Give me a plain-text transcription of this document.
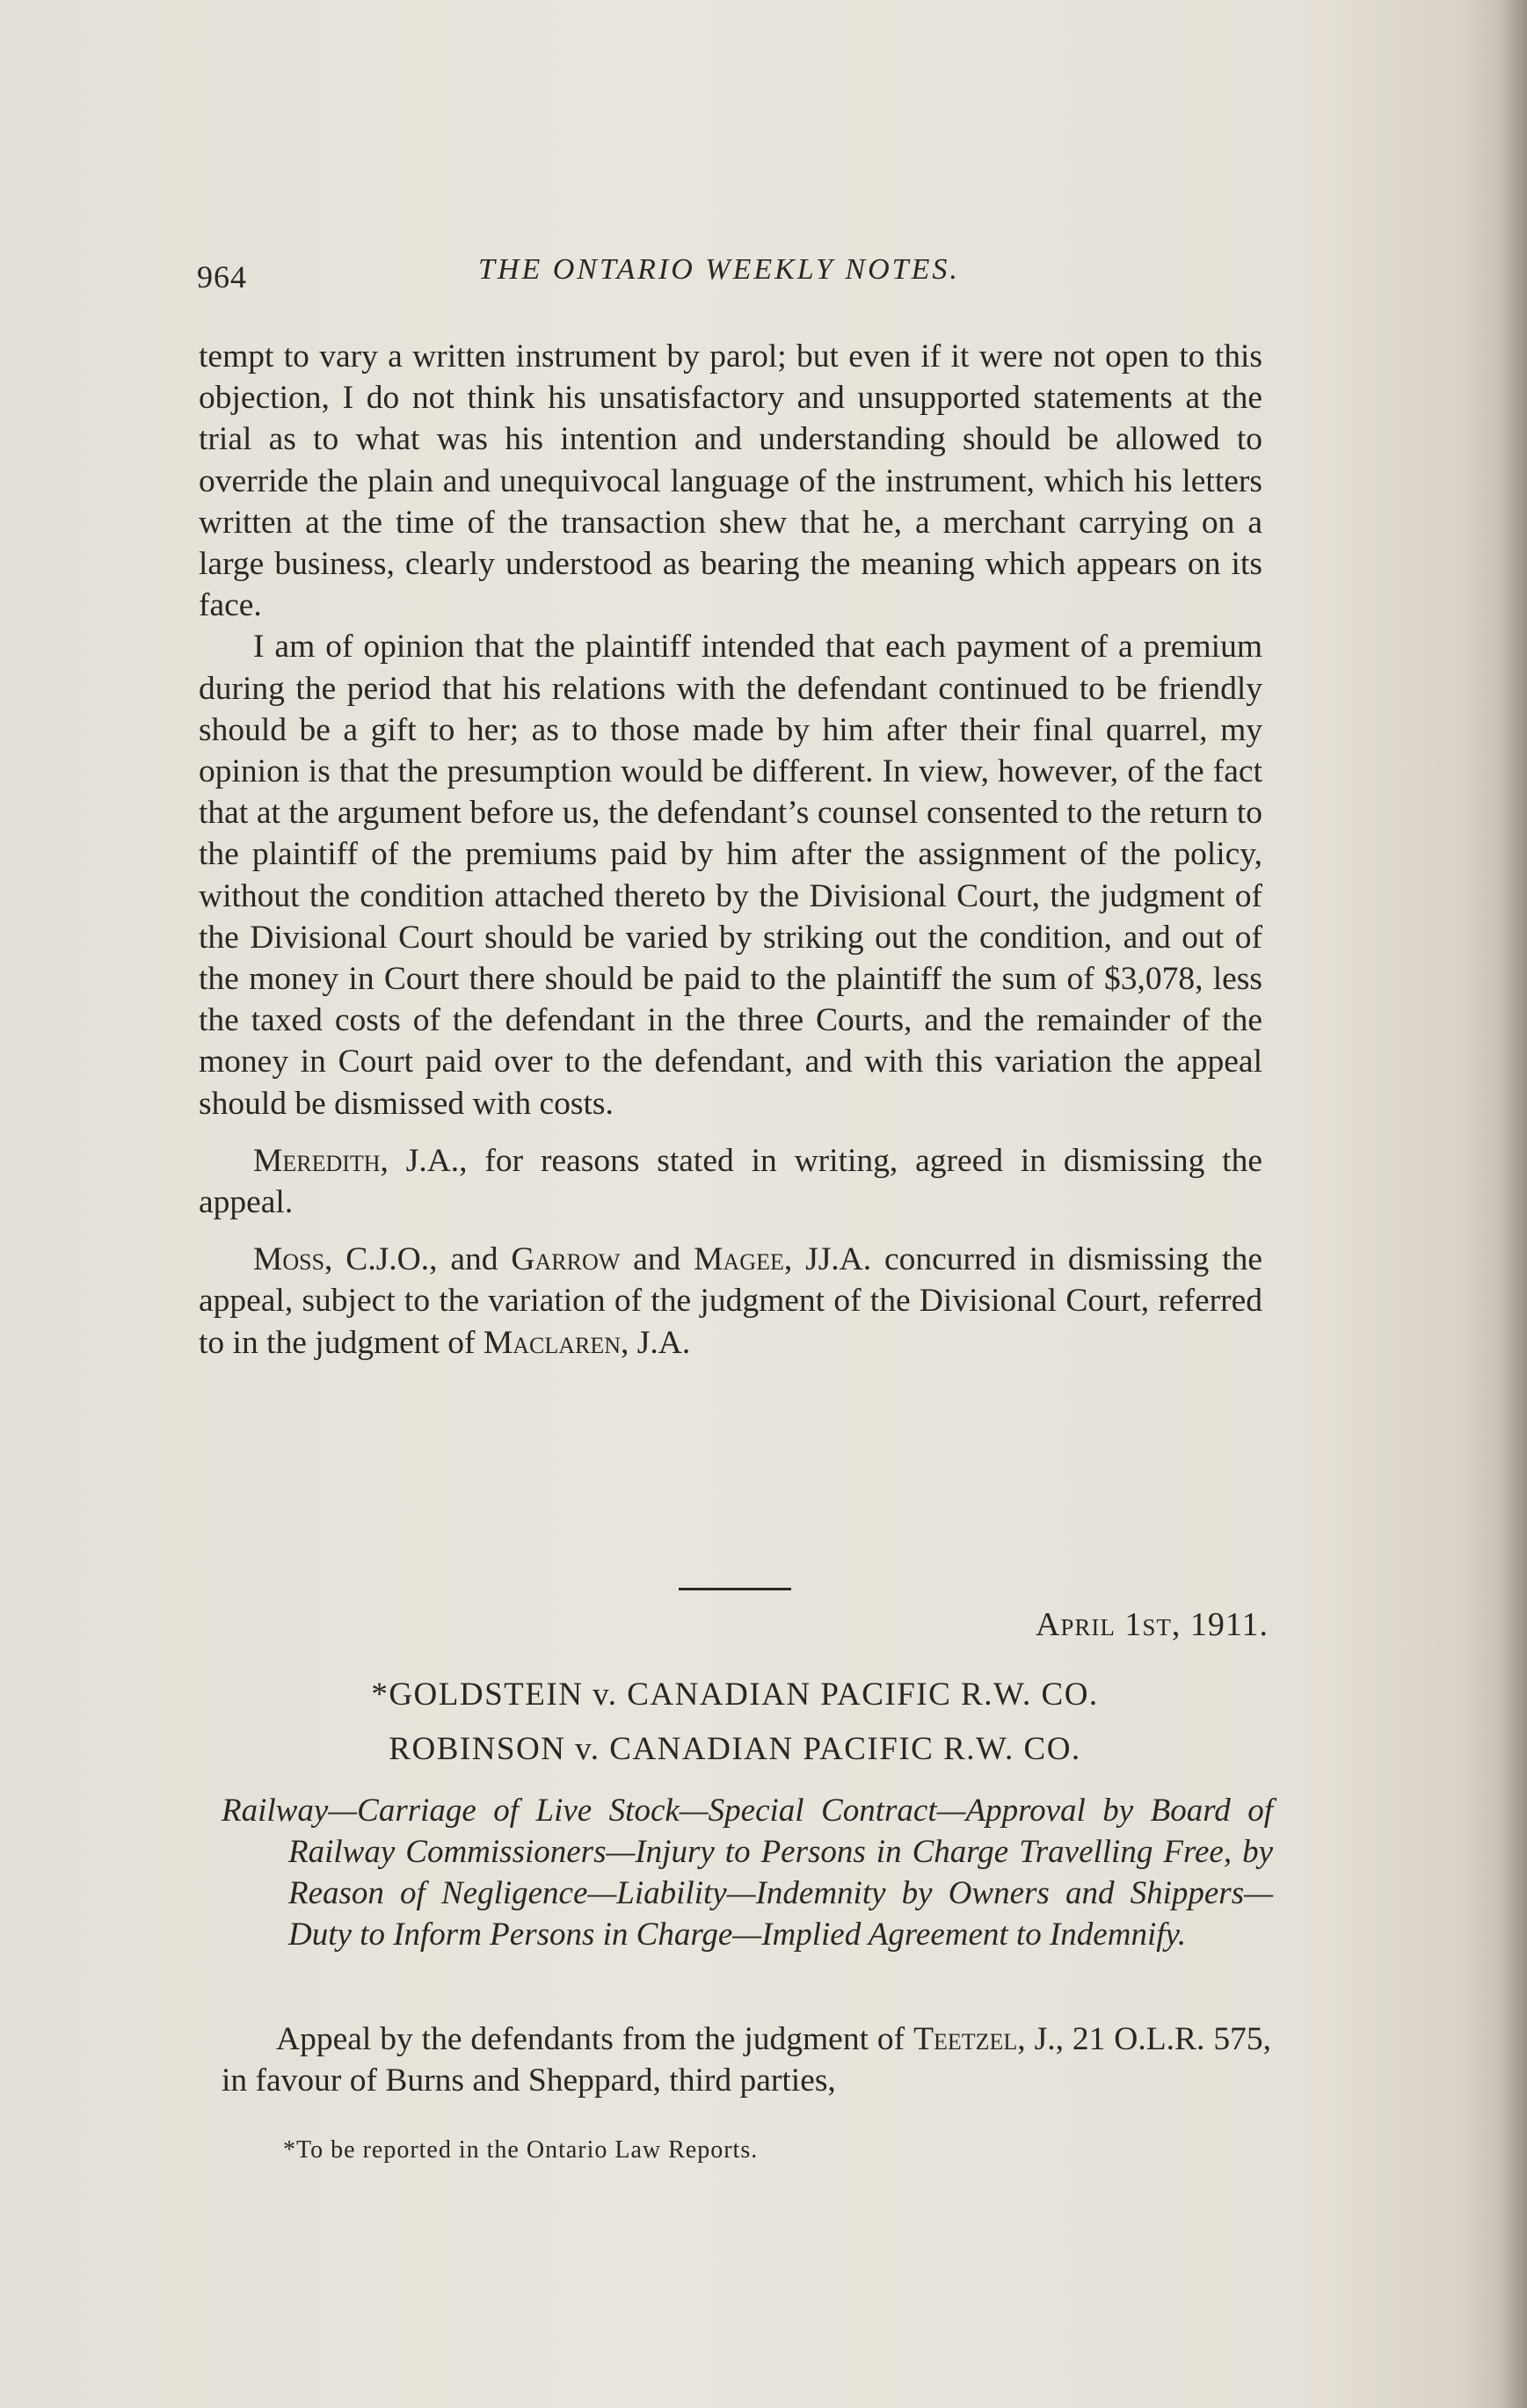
964	THE ONTARIO WEEKLY NOTES.

tempt to vary a written instrument by parol; but even if it were not open to this objection, I do not think his unsatisfactory and unsupported statements at the trial as to what was his intention and understanding should be allowed to override the plain and unequivocal language of the instrument, which his letters written at the time of the transaction shew that he, a merchant carrying on a large business, clearly understood as bearing the meaning which appears on its face.

I am of opinion that the plaintiff intended that each payment of a premium during the period that his relations with the defendant continued to be friendly should be a gift to her; as to those made by him after their final quarrel, my opinion is that the presumption would be different. In view, however, of the fact that at the argument before us, the defendant’s counsel consented to the return to the plaintiff of the premiums paid by him after the assignment of the policy, without the condition attached thereto by the Divisional Court, the judgment of the Divisional Court should be varied by striking out the condition, and out of the money in Court there should be paid to the plaintiff the sum of $3,078, less the taxed costs of the defendant in the three Courts, and the remainder of the money in Court paid over to the defendant, and with this variation the appeal should be dismissed with costs.

Meredith, J.A., for reasons stated in writing, agreed in dismissing the appeal.

Moss, C.J.O., and Garrow and Magee, JJ.A. concurred in dismissing the appeal, subject to the variation of the judgment of the Divisional Court, referred to in the judgment of Maclaren, J.A.

April 1st, 1911.
*GOLDSTEIN v. CANADIAN PACIFIC R.W. CO.
ROBINSON v. CANADIAN PACIFIC R.W. CO.
Railway—Carriage of Live Stock—Special Contract—Approval by Board of Railway Commissioners—Injury to Persons in Charge Travelling Free, by Reason of Negligence—Liability—Indemnity by Owners and Shippers—Duty to Inform Persons in Charge—Implied Agreement to Indemnify.

Appeal by the defendants from the judgment of Teetzel, J., 21 O.L.R. 575, in favour of Burns and Sheppard, third parties,

*To be reported in the Ontario Law Reports.
